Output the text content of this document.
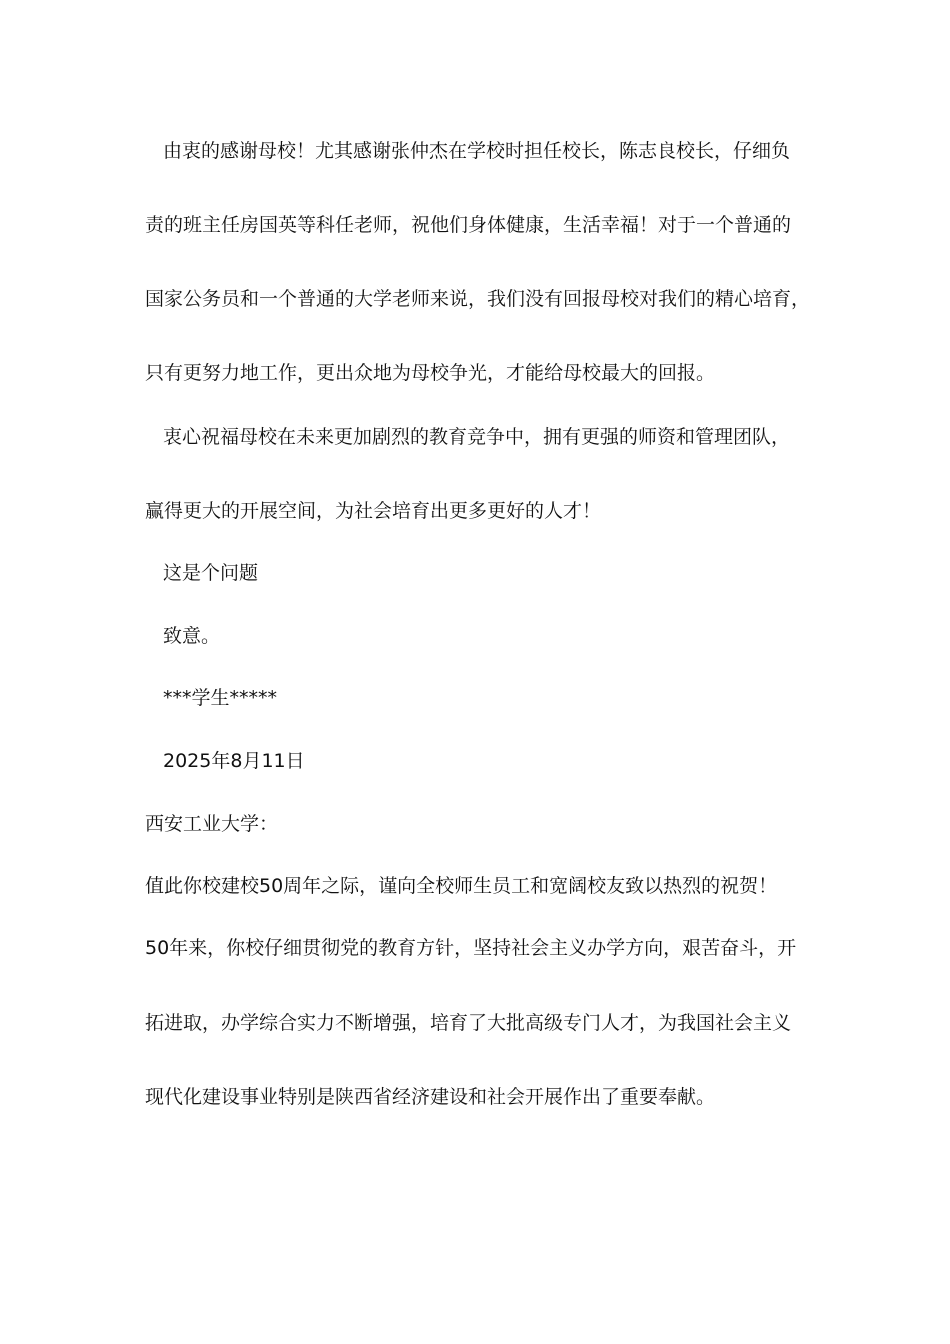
由衷的感谢母校！尤其感谢张仲杰在学校时担任校长，陈志良校长，仔细负
责的班主任房国英等科任老师，祝他们身体健康，生活幸福！对于一个普通的
国家公务员和一个普通的大学老师来说，我们没有回报母校对我们的精心培育，
只有更努力地工作，更出众地为母校争光，才能给母校最大的回报。
衷心祝福母校在未来更加剧烈的教育竞争中，拥有更强的师资和管理团队，
赢得更大的开展空间，为社会培育出更多更好的人才！
这是个问题
致意。
***学生*****
2025年8月11日
西安工业大学：
值此你校建校50周年之际，谨向全校师生员工和宽阔校友致以热烈的祝贺！
50年来，你校仔细贯彻党的教育方针，坚持社会主义办学方向，艰苦奋斗，开
拓进取，办学综合实力不断增强，培育了大批高级专门人才，为我国社会主义
现代化建设事业特别是陕西省经济建设和社会开展作出了重要奉献。
